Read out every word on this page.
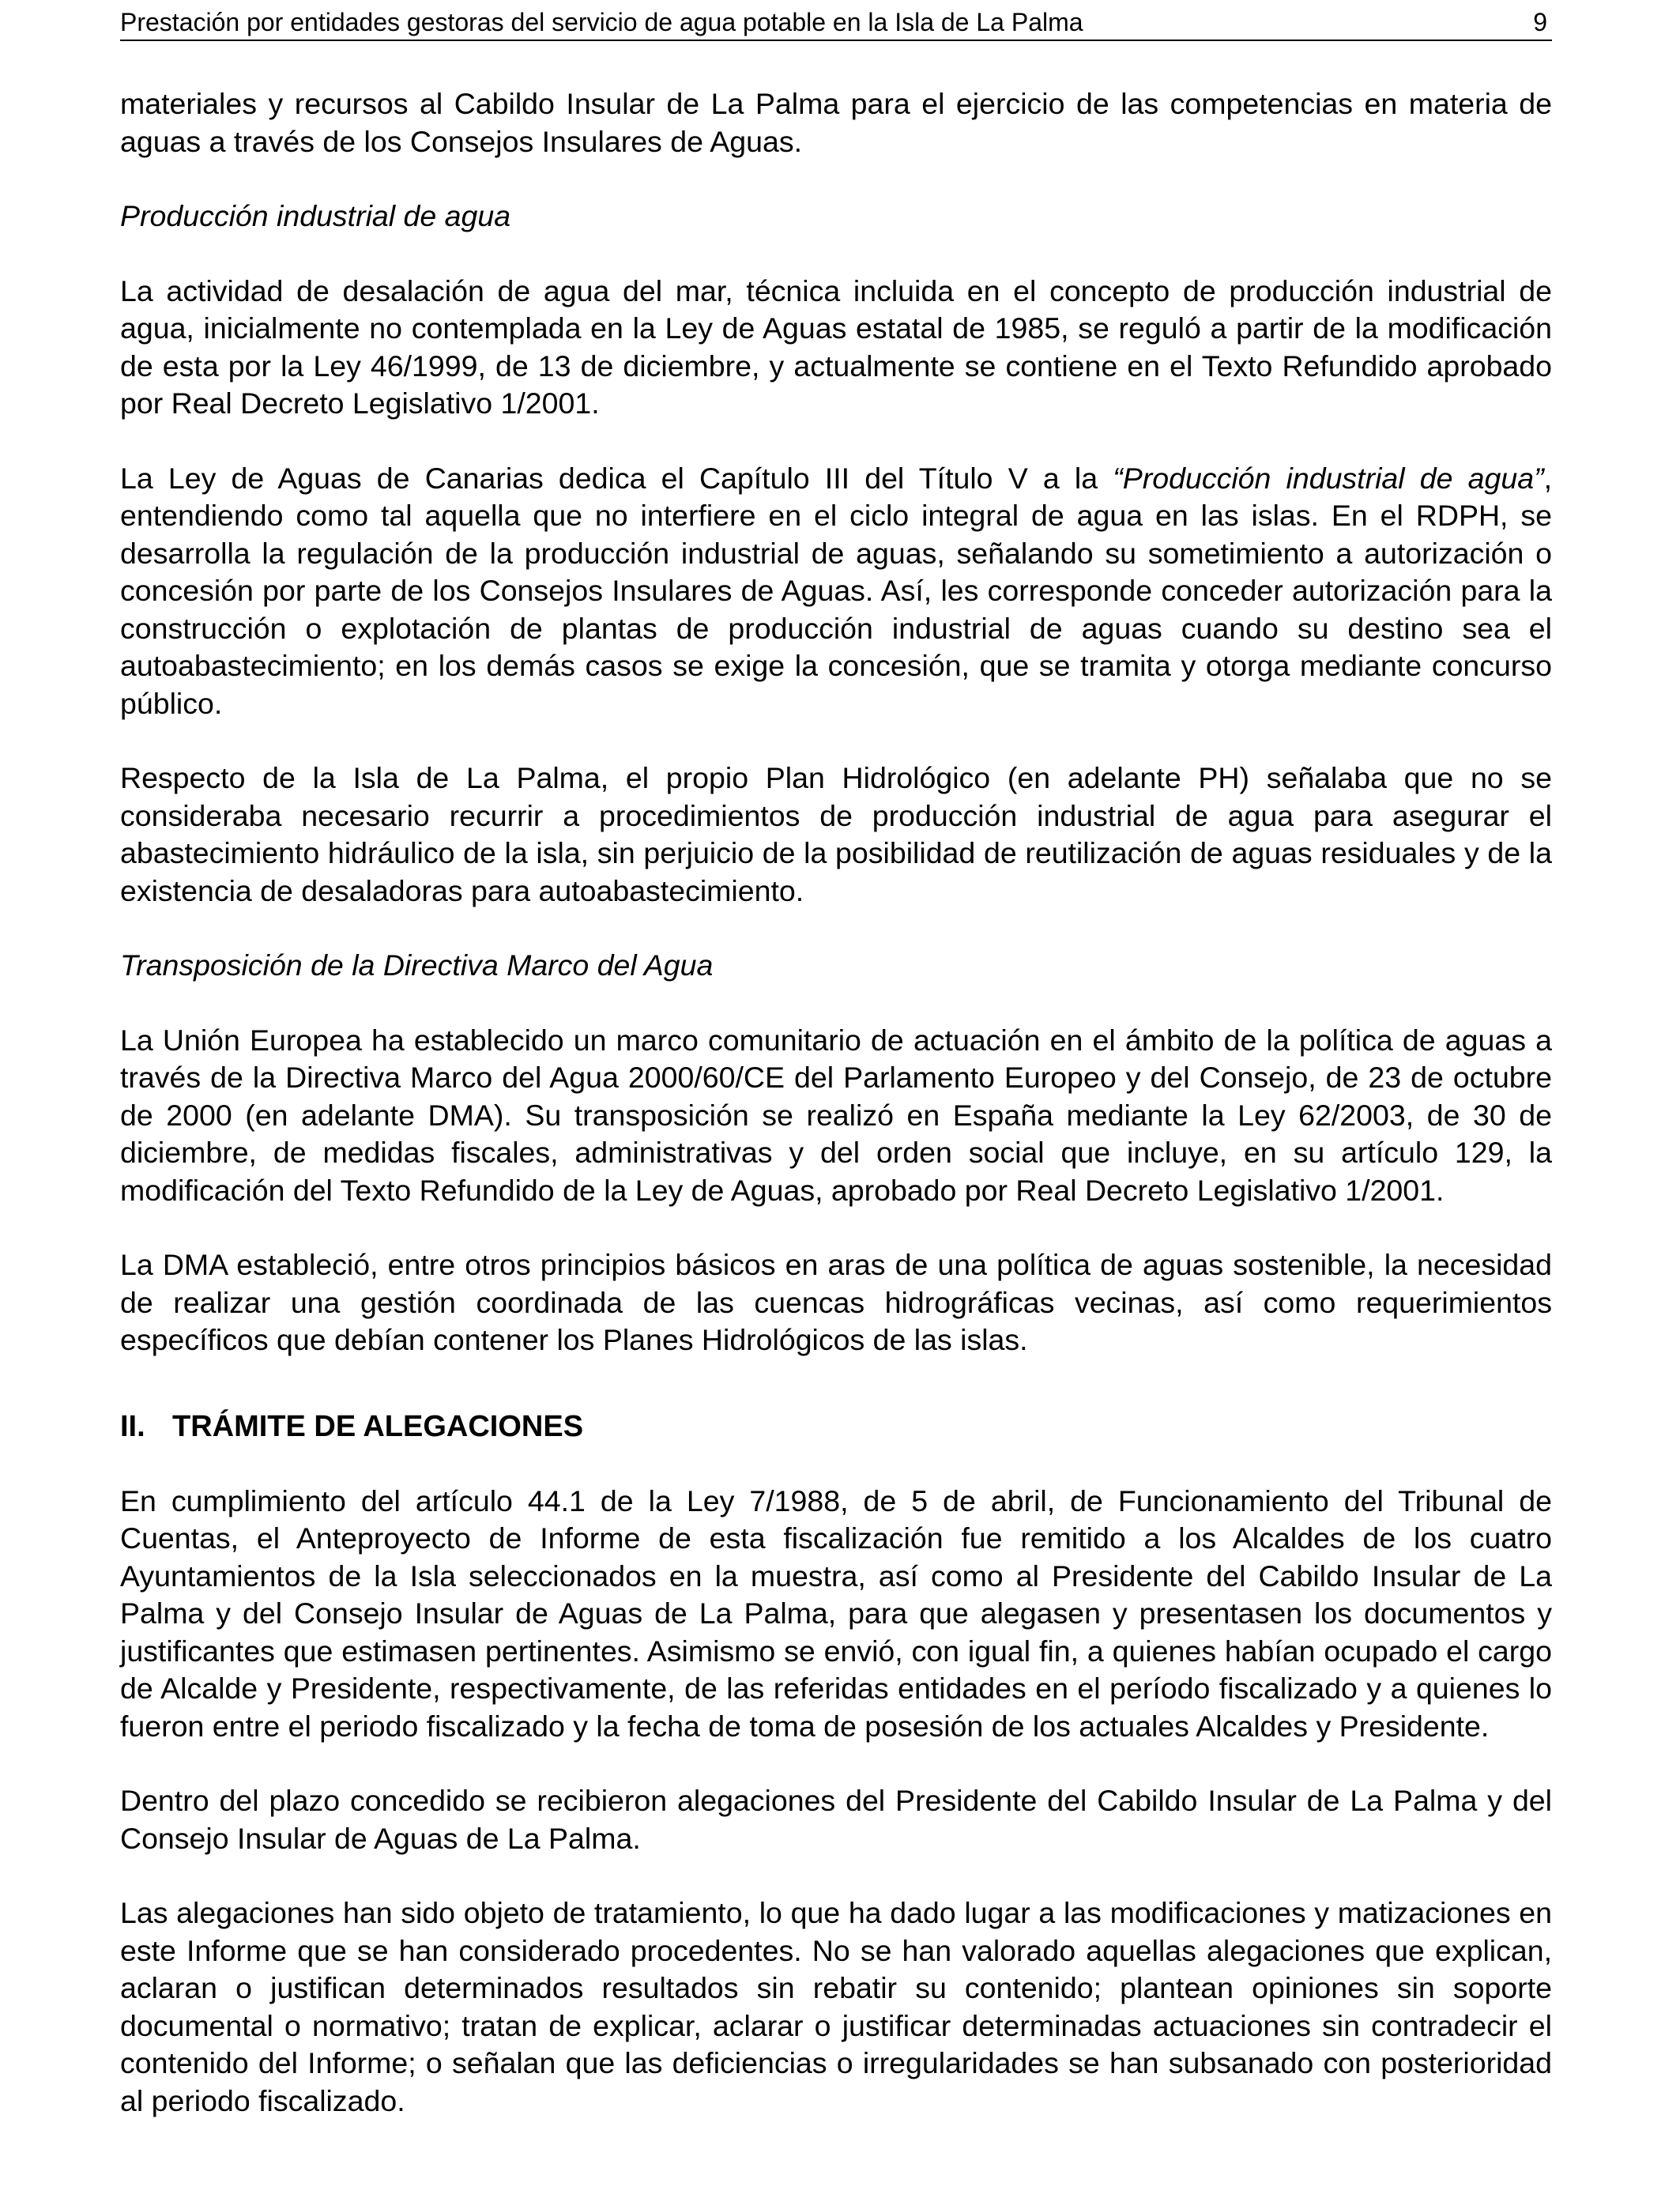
Prestación por entidades gestoras del servicio de agua potable en la Isla de La Palma	9

materiales y recursos al Cabildo Insular de La Palma para el ejercicio de las competencias en materia de aguas a través de los Consejos Insulares de Aguas.

Producción industrial de agua

La actividad de desalación de agua del mar, técnica incluida en el concepto de producción industrial de agua, inicialmente no contemplada en la Ley de Aguas estatal de 1985, se reguló a partir de la modificación de esta por la Ley 46/1999, de 13 de diciembre, y actualmente se contiene en el Texto Refundido aprobado por Real Decreto Legislativo 1/2001.

La Ley de Aguas de Canarias dedica el Capítulo III del Título V a la “Producción industrial de agua”, entendiendo como tal aquella que no interfiere en el ciclo integral de agua en las islas. En el RDPH, se desarrolla la regulación de la producción industrial de aguas, señalando su sometimiento a autorización o concesión por parte de los Consejos Insulares de Aguas. Así, les corresponde conceder autorización para la construcción o explotación de plantas de producción industrial de aguas cuando su destino sea el autoabastecimiento; en los demás casos se exige la concesión, que se tramita y otorga mediante concurso público.

Respecto de la Isla de La Palma, el propio Plan Hidrológico (en adelante PH) señalaba que no se consideraba necesario recurrir a procedimientos de producción industrial de agua para asegurar el abastecimiento hidráulico de la isla, sin perjuicio de la posibilidad de reutilización de aguas residuales y de la existencia de desaladoras para autoabastecimiento.

Transposición de la Directiva Marco del Agua

La Unión Europea ha establecido un marco comunitario de actuación en el ámbito de la política de aguas a través de la Directiva Marco del Agua 2000/60/CE del Parlamento Europeo y del Consejo, de 23 de octubre de 2000 (en adelante DMA). Su transposición se realizó en España mediante la Ley 62/2003, de 30 de diciembre, de medidas fiscales, administrativas y del orden social que incluye, en su artículo 129, la modificación del Texto Refundido de la Ley de Aguas, aprobado por Real Decreto Legislativo 1/2001.

La DMA estableció, entre otros principios básicos en aras de una política de aguas sostenible, la necesidad de realizar una gestión coordinada de las cuencas hidrográficas vecinas, así como requerimientos específicos que debían contener los Planes Hidrológicos de las islas.

II. TRÁMITE DE ALEGACIONES

En cumplimiento del artículo 44.1 de la Ley 7/1988, de 5 de abril, de Funcionamiento del Tribunal de Cuentas, el Anteproyecto de Informe de esta fiscalización fue remitido a los Alcaldes de los cuatro Ayuntamientos de la Isla seleccionados en la muestra, así como al Presidente del Cabildo Insular de La Palma y del Consejo Insular de Aguas de La Palma, para que alegasen y presentasen los documentos y justificantes que estimasen pertinentes. Asimismo se envió, con igual fin, a quienes habían ocupado el cargo de Alcalde y Presidente, respectivamente, de las referidas entidades en el período fiscalizado y a quienes lo fueron entre el periodo fiscalizado y la fecha de toma de posesión de los actuales Alcaldes y Presidente.

Dentro del plazo concedido se recibieron alegaciones del Presidente del Cabildo Insular de La Palma y del Consejo Insular de Aguas de La Palma.

Las alegaciones han sido objeto de tratamiento, lo que ha dado lugar a las modificaciones y matizaciones en este Informe que se han considerado procedentes. No se han valorado aquellas alegaciones que explican, aclaran o justifican determinados resultados sin rebatir su contenido; plantean opiniones sin soporte documental o normativo; tratan de explicar, aclarar o justificar determinadas actuaciones sin contradecir el contenido del Informe; o señalan que las deficiencias o irregularidades se han subsanado con posterioridad al periodo fiscalizado.
